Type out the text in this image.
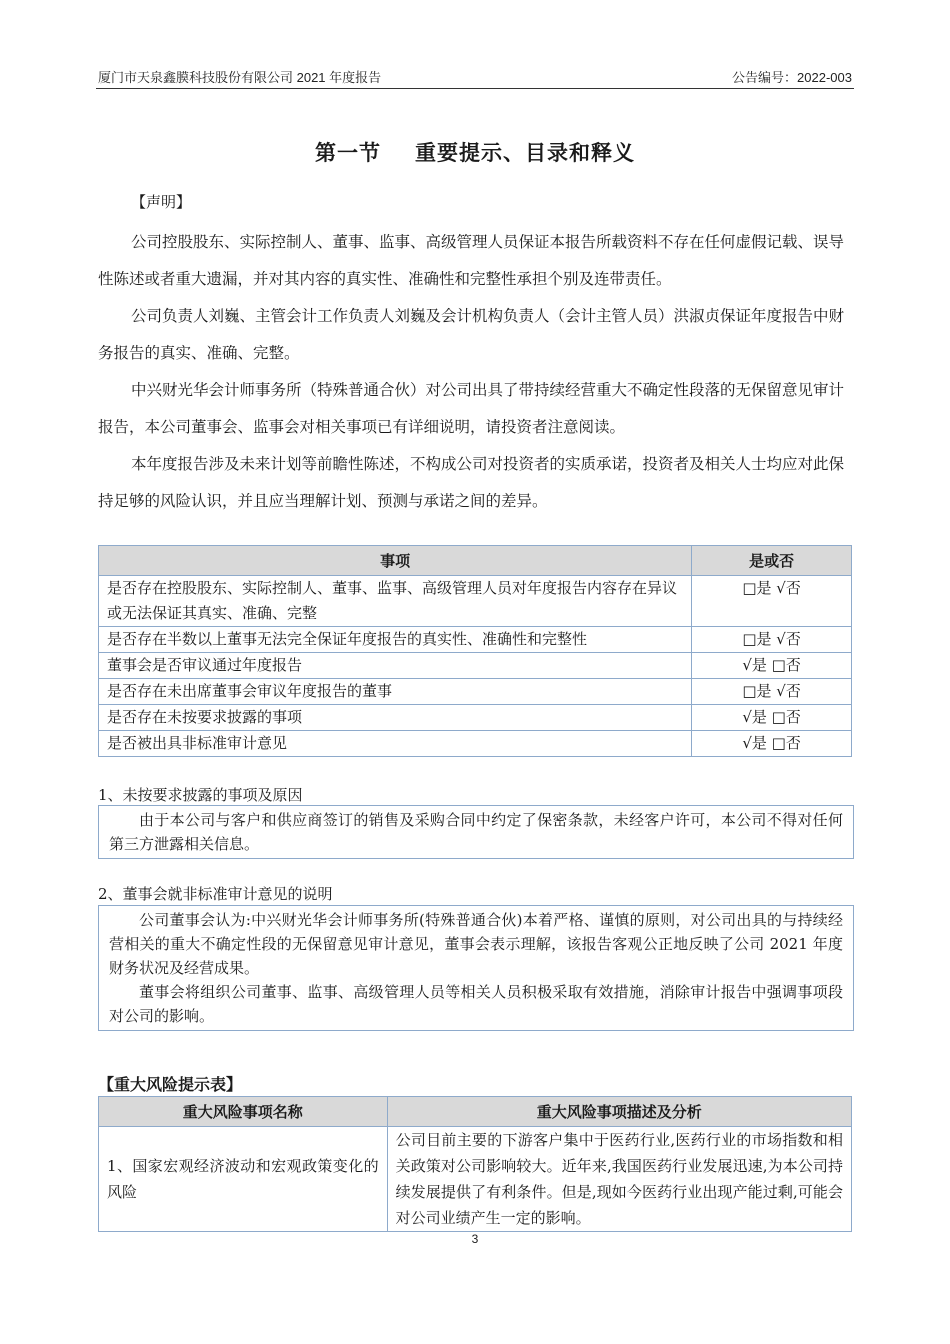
厦门市天泉鑫膜科技股份有限公司 2021 年度报告	公告编号：2022-003
第一节 重要提示、目录和释义
【声明】
公司控股股东、实际控制人、董事、监事、高级管理人员保证本报告所载资料不存在任何虚假记载、误导性陈述或者重大遗漏，并对其内容的真实性、准确性和完整性承担个别及连带责任。
公司负责人刘巍、主管会计工作负责人刘巍及会计机构负责人（会计主管人员）洪淑贞保证年度报告中财务报告的真实、准确、完整。
中兴财光华会计师事务所（特殊普通合伙）对公司出具了带持续经营重大不确定性段落的无保留意见审计报告，本公司董事会、监事会对相关事项已有详细说明，请投资者注意阅读。
本年度报告涉及未来计划等前瞻性陈述，不构成公司对投资者的实质承诺，投资者及相关人士均应对此保持足够的风险认识，并且应当理解计划、预测与承诺之间的差异。
事项	是或否
是否存在控股股东、实际控制人、董事、监事、高级管理人员对年度报告内容存在异议或无法保证其真实、准确、完整	□是 √否
是否存在半数以上董事无法完全保证年度报告的真实性、准确性和完整性	□是 √否
董事会是否审议通过年度报告	√是 □否
是否存在未出席董事会审议年度报告的董事	□是 √否
是否存在未按要求披露的事项	√是 □否
是否被出具非标准审计意见	√是 □否
1、未按要求披露的事项及原因

由于本公司与客户和供应商签订的销售及采购合同中约定了保密条款，未经客户许可，本公司不得对任何第三方泄露相关信息。

2、董事会就非标准审计意见的说明

公司董事会认为:中兴财光华会计师事务所(特殊普通合伙)本着严格、谨慎的原则，对公司出具的与持续经营相关的重大不确定性段的无保留意见审计意见，董事会表示理解，该报告客观公正地反映了公司 2021 年度财务状况及经营成果。

董事会将组织公司董事、监事、高级管理人员等相关人员积极采取有效措施，消除审计报告中强调事项段对公司的影响。

【重大风险提示表】
重大风险事项名称	重大风险事项描述及分析
1、国家宏观经济波动和宏观政策变化的风险	公司目前主要的下游客户集中于医药行业,医药行业的市场指数和相关政策对公司影响较大。近年来,我国医药行业发展迅速,为本公司持续发展提供了有利条件。但是,现如今医药行业出现产能过剩,可能会对公司业绩产生一定的影响。
3
